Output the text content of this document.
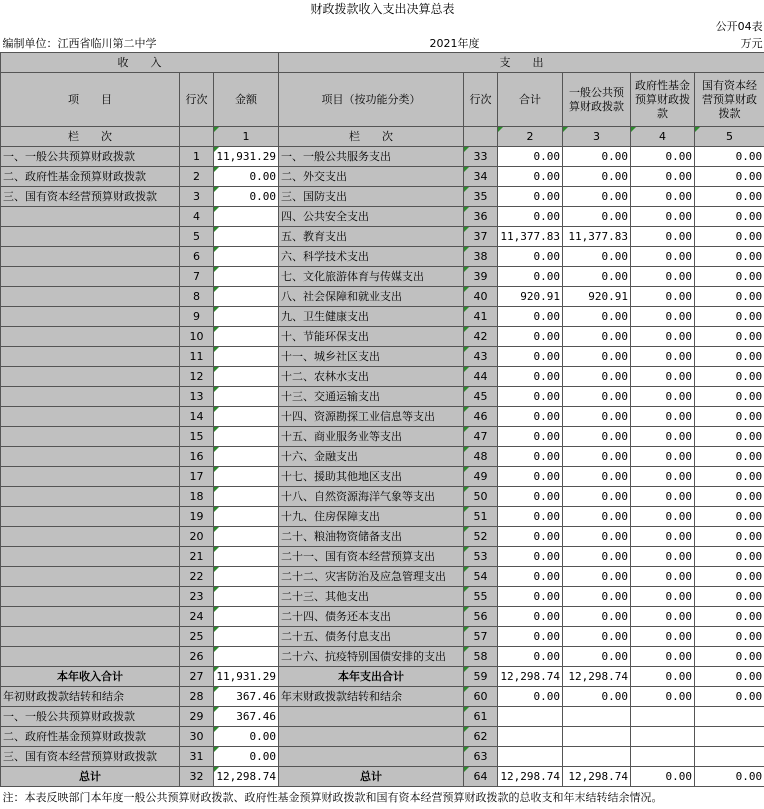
财政拨款收入支出决算总表								
公开04表								
编制单位：江西省临川第二中学			2021年度				万元	
收　　入			支　　出					
项　　目	行次	金额	项目（按功能分类）	行次	合计	一般公共预算财政拨款	政府性基金预算财政拨款	国有资本经营预算财政拨款
栏　　次		1	栏　　次		2	3	4	5
一、一般公共预算财政拨款	1	11,931.29	一、一般公共服务支出	33	0.00	0.00	0.00	0.00
二、政府性基金预算财政拨款	2	0.00	二、外交支出	34	0.00	0.00	0.00	0.00
三、国有资本经营预算财政拨款	3	0.00	三、国防支出	35	0.00	0.00	0.00	0.00
	4		四、公共安全支出	36	0.00	0.00	0.00	0.00
	5		五、教育支出	37	11,377.83	11,377.83	0.00	0.00
	6		六、科学技术支出	38	0.00	0.00	0.00	0.00
	7		七、文化旅游体育与传媒支出	39	0.00	0.00	0.00	0.00
	8		八、社会保障和就业支出	40	920.91	920.91	0.00	0.00
	9		九、卫生健康支出	41	0.00	0.00	0.00	0.00
	10		十、节能环保支出	42	0.00	0.00	0.00	0.00
	11		十一、城乡社区支出	43	0.00	0.00	0.00	0.00
	12		十二、农林水支出	44	0.00	0.00	0.00	0.00
	13		十三、交通运输支出	45	0.00	0.00	0.00	0.00
	14		十四、资源勘探工业信息等支出	46	0.00	0.00	0.00	0.00
	15		十五、商业服务业等支出	47	0.00	0.00	0.00	0.00
	16		十六、金融支出	48	0.00	0.00	0.00	0.00
	17		十七、援助其他地区支出	49	0.00	0.00	0.00	0.00
	18		十八、自然资源海洋气象等支出	50	0.00	0.00	0.00	0.00
	19		十九、住房保障支出	51	0.00	0.00	0.00	0.00
	20		二十、粮油物资储备支出	52	0.00	0.00	0.00	0.00
	21		二十一、国有资本经营预算支出	53	0.00	0.00	0.00	0.00
	22		二十二、灾害防治及应急管理支出	54	0.00	0.00	0.00	0.00
	23		二十三、其他支出	55	0.00	0.00	0.00	0.00
	24		二十四、债务还本支出	56	0.00	0.00	0.00	0.00
	25		二十五、债务付息支出	57	0.00	0.00	0.00	0.00
	26		二十六、抗疫特别国债安排的支出	58	0.00	0.00	0.00	0.00
本年收入合计	27	11,931.29	本年支出合计	59	12,298.74	12,298.74	0.00	0.00
年初财政拨款结转和结余	28	367.46	年末财政拨款结转和结余	60	0.00	0.00	0.00	0.00
一、一般公共预算财政拨款	29	367.46		61				
二、政府性基金预算财政拨款	30	0.00		62				
三、国有资本经营预算财政拨款	31	0.00		63				
总计	32	12,298.74	总计	64	12,298.74	12,298.74	0.00	0.00
注：本表反映部门本年度一般公共预算财政拨款、政府性基金预算财政拨款和国有资本经营预算财政拨款的总收支和年末结转结余情况。								
